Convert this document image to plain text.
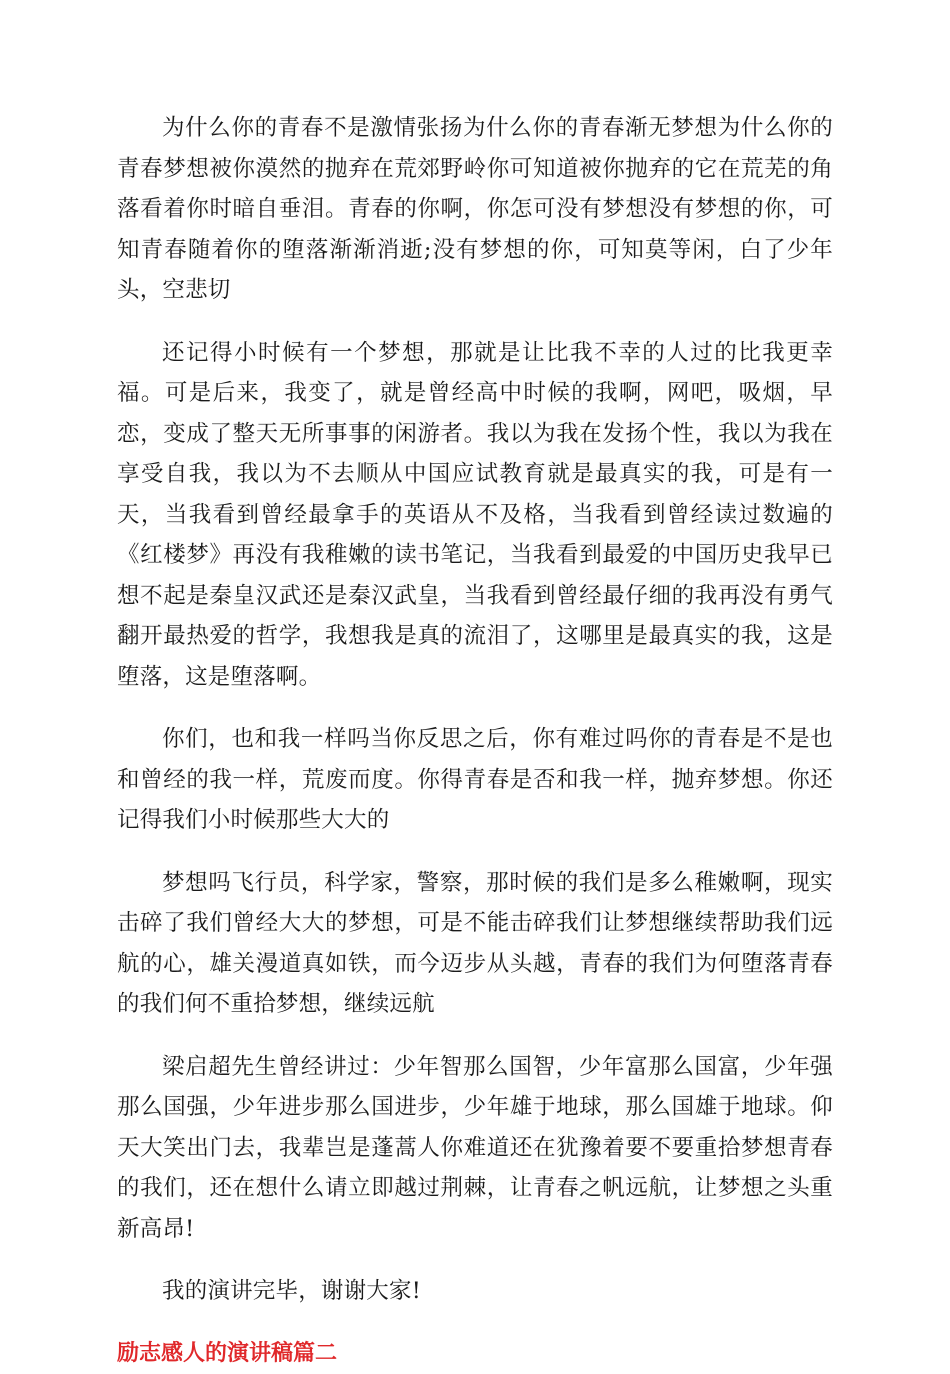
为什么你的青春不是激情张扬为什么你的青春渐无梦想为什么你的青春梦想被你漠然的抛弃在荒郊野岭你可知道被你抛弃的它在荒芜的角落看着你时暗自垂泪。青春的你啊，你怎可没有梦想没有梦想的你，可知青春随着你的堕落渐渐消逝;没有梦想的你，可知莫等闲，白了少年头，空悲切

还记得小时候有一个梦想，那就是让比我不幸的人过的比我更幸福。可是后来，我变了，就是曾经高中时候的我啊，网吧，吸烟，早恋，变成了整天无所事事的闲游者。我以为我在发扬个性，我以为我在享受自我，我以为不去顺从中国应试教育就是最真实的我，可是有一天，当我看到曾经最拿手的英语从不及格，当我看到曾经读过数遍的《红楼梦》再没有我稚嫩的读书笔记，当我看到最爱的中国历史我早已想不起是秦皇汉武还是秦汉武皇，当我看到曾经最仔细的我再没有勇气翻开最热爱的哲学，我想我是真的流泪了，这哪里是最真实的我，这是堕落，这是堕落啊。

你们，也和我一样吗当你反思之后，你有难过吗你的青春是不是也和曾经的我一样，荒废而度。你得青春是否和我一样，抛弃梦想。你还记得我们小时候那些大大的

梦想吗飞行员，科学家，警察，那时候的我们是多么稚嫩啊，现实击碎了我们曾经大大的梦想，可是不能击碎我们让梦想继续帮助我们远航的心，雄关漫道真如铁，而今迈步从头越，青春的我们为何堕落青春的我们何不重拾梦想，继续远航

梁启超先生曾经讲过：少年智那么国智，少年富那么国富，少年强那么国强，少年进步那么国进步，少年雄于地球，那么国雄于地球。仰天大笑出门去，我辈岂是蓬蒿人你难道还在犹豫着要不要重拾梦想青春的我们，还在想什么请立即越过荆棘，让青春之帆远航，让梦想之头重新高昂!

我的演讲完毕，谢谢大家!

励志感人的演讲稿篇二
